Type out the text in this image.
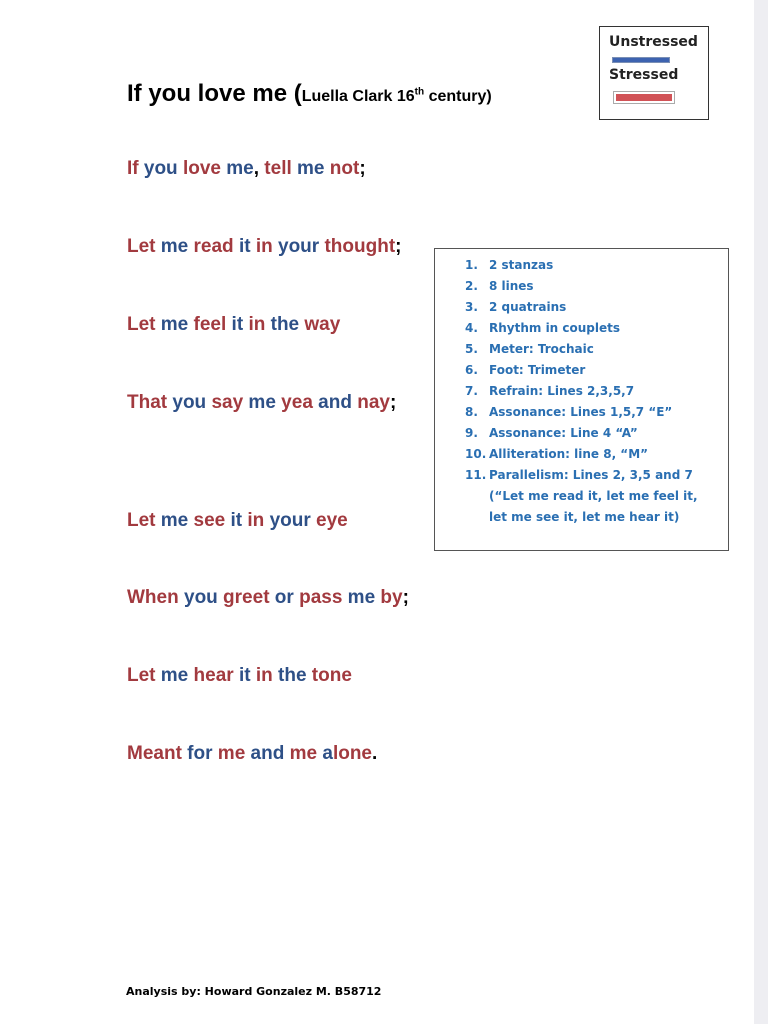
If you love me (Luella Clark 16th century)
Unstressed
Stressed
If you love me, tell me not;
Let me read it in your thought;
Let me feel it in the way
That you say me yea and nay;
Let me see it in your eye
When you greet or pass me by;
Let me hear it in the tone
Meant for me and me alone.
1. 2 stanzas
2. 8 lines
3. 2 quatrains
4. Rhythm in couplets
5. Meter: Trochaic
6. Foot: Trimeter
7. Refrain: Lines 2,3,5,7
8. Assonance: Lines 1,5,7 “E”
9. Assonance: Line 4 “A”
10. Alliteration: line 8, “M”
11. Parallelism: Lines 2, 3,5 and 7 (“Let me read it, let me feel it, let me see it, let me hear it)
Analysis by: Howard Gonzalez M. B58712
